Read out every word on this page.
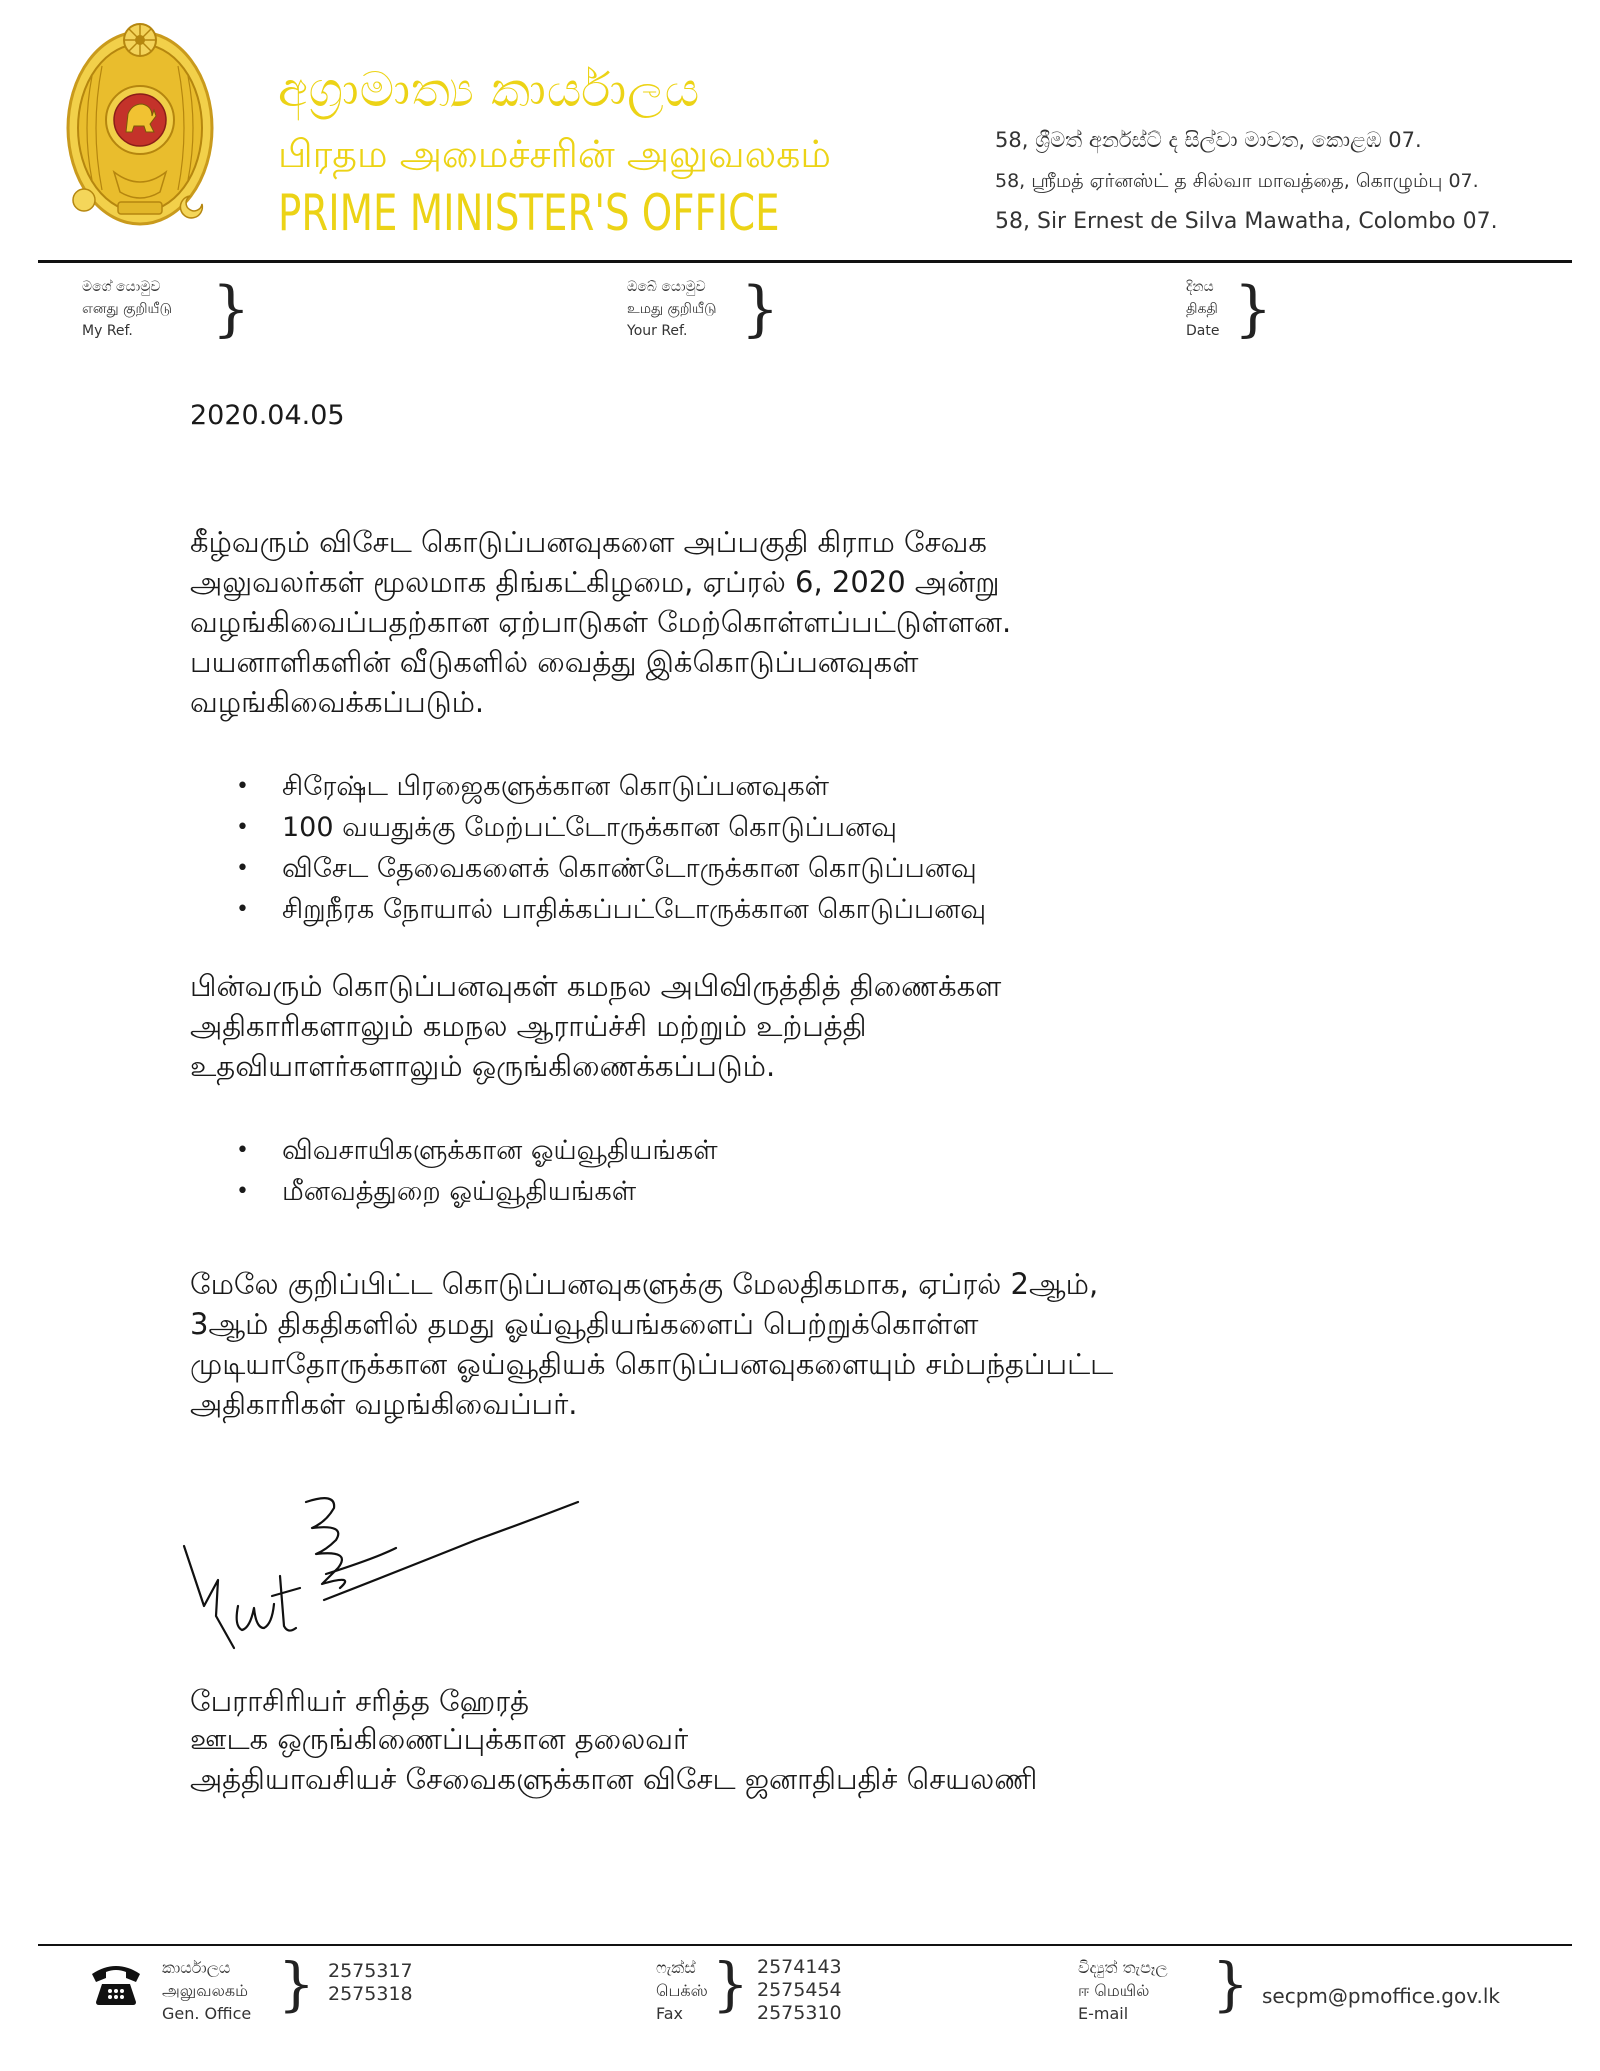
අග්‍රාමාත්‍ය කාර්යාලය
பிரதம அமைச்சரின் அலுவலகம்
PRIME MINISTER'S OFFICE
58, ශ්‍රීමත් අර්නස්ට් ද සිල්වා මාවත, කොළඹ 07.
58, ஸ்ரீமத் ஏர்னஸ்ட் த சில்வா மாவத்தை, கொழும்பு 07.
58, Sir Ernest de Silva Mawatha, Colombo 07.
මගේ යොමුව
எனது குறியீடு
My Ref.	}	ඔබේ යොමුව
உமது குறியீடு
Your Ref. }	දිනය
திகதி
Date }
2020.04.05
கீழ்வரும் விசேட கொடுப்பனவுகளை அப்பகுதி கிராம சேவக
அலுவலர்கள் மூலமாக திங்கட்கிழமை, ஏப்ரல் 6, 2020 அன்று
வழங்கிவைப்பதற்கான ஏற்பாடுகள் மேற்கொள்ளப்பட்டுள்ளன.
பயனாளிகளின் வீடுகளில் வைத்து இக்கொடுப்பனவுகள்
வழங்கிவைக்கப்படும்.
• சிரேஷ்ட பிரஜைகளுக்கான கொடுப்பனவுகள்
• 100 வயதுக்கு மேற்பட்டோருக்கான கொடுப்பனவு
• விசேட தேவைகளைக் கொண்டோருக்கான கொடுப்பனவு
• சிறுநீரக நோயால் பாதிக்கப்பட்டோருக்கான கொடுப்பனவு
பின்வரும் கொடுப்பனவுகள் கமநல அபிவிருத்தித் திணைக்கள
அதிகாரிகளாலும் கமநல ஆராய்ச்சி மற்றும் உற்பத்தி
உதவியாளர்களாலும் ஒருங்கிணைக்கப்படும்.
• விவசாயிகளுக்கான ஓய்வூதியங்கள்
• மீனவத்துறை ஓய்வூதியங்கள்
மேலே குறிப்பிட்ட கொடுப்பனவுகளுக்கு மேலதிகமாக, ஏப்ரல் 2ஆம்,
3ஆம் திகதிகளில் தமது ஓய்வூதியங்களைப் பெற்றுக்கொள்ள
முடியாதோருக்கான ஓய்வூதியக் கொடுப்பனவுகளையும் சம்பந்தப்பட்ட
அதிகாரிகள் வழங்கிவைப்பர்.
பேராசிரியர் சரித்த ஹேரத்
ஊடக ஒருங்கிணைப்புக்கான தலைவர்
அத்தியாவசியச் சேவைகளுக்கான விசேட ஜனாதிபதிச் செயலணி
කාර්යාලය
அலுவலகம்
Gen. Office } 2575317
2575318
ෆැක්ස්
பெக்ஸ்
Fax } 2574143
2575454
2575310
විද්‍යුත් තැපෑල
ஈ மெயில்
E-mail	} secpm@pmoffice.gov.lk
